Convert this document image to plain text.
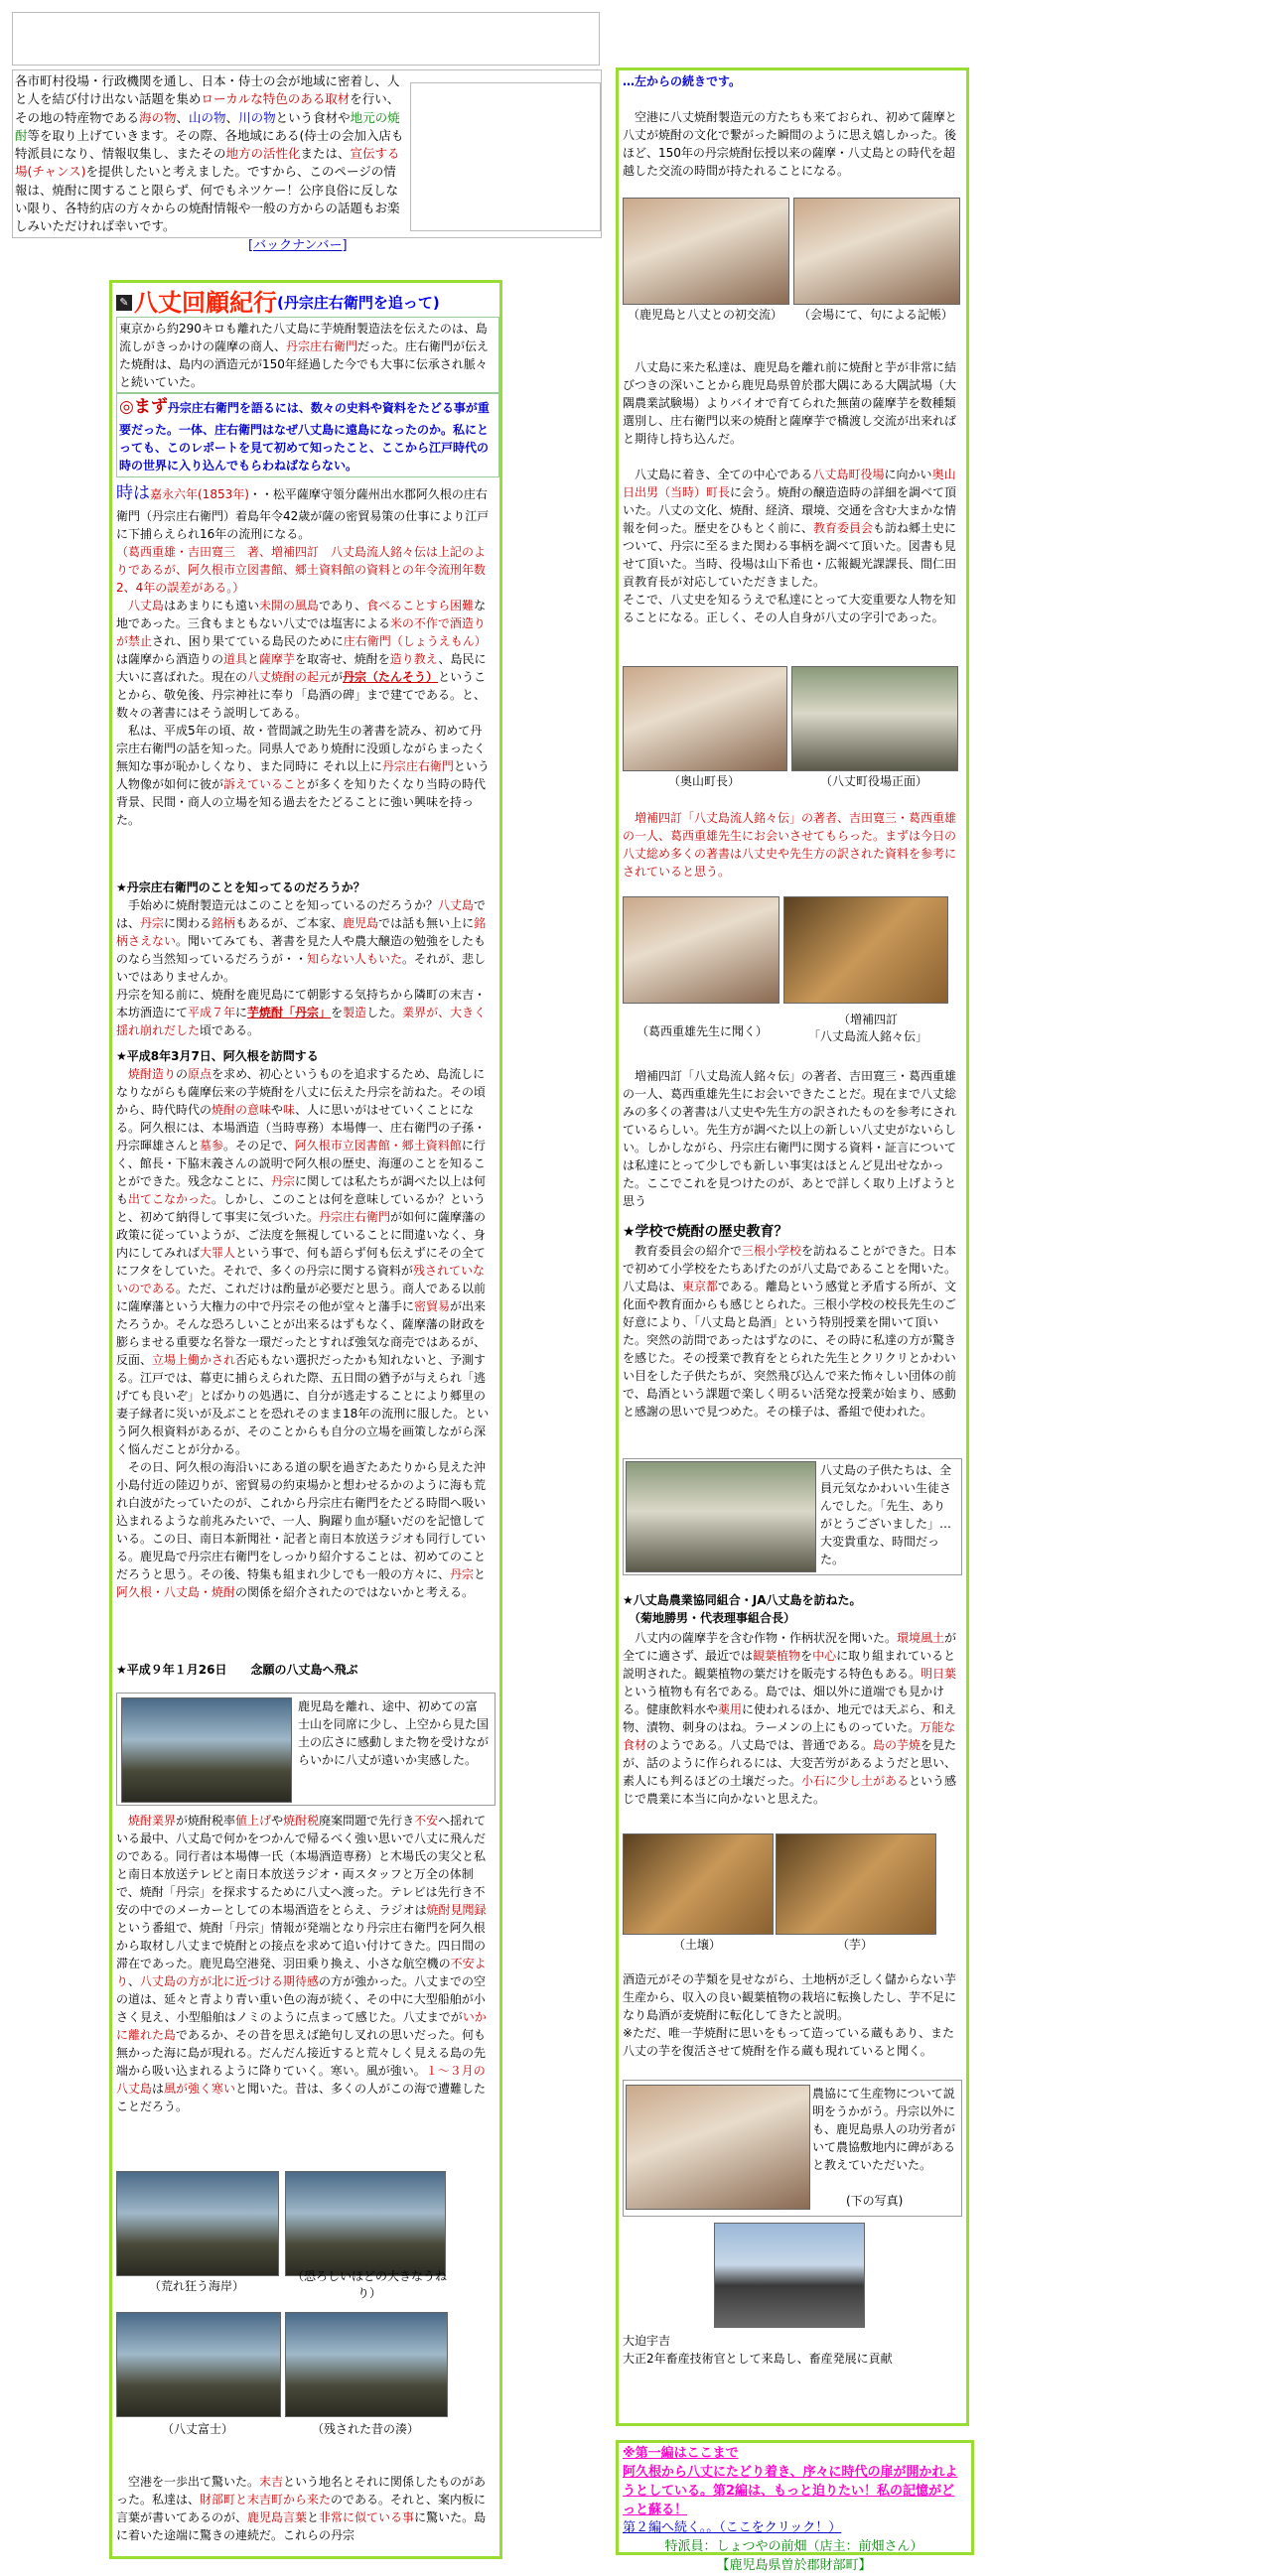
各市町村役場・行政機関を通し、日本・侍士の会が地域に密着し、人と人を結び付け出ない話題を集めローカルな特色のある取材を行い、その地の特産物である海の物、山の物、川の物という食材や地元の焼酎等を取り上げていきます。その際、各地域にある(侍士の会加入店も特派員になり、情報収集し、またその地方の活性化または、宣伝する場(チャンス)を提供したいと考えました。ですから、このページの情報は、焼酎に関すること限らず、何でもネツケー！公序良俗に反しない限り、各特約店の方々からの焼酎情報や一般の方からの話題もお楽しみいただければ幸いです。
[バックナンバー]
✎ 八丈回顧紀行(丹宗庄右衛門を追って)
東京から約290キロも離れた八丈島に芋焼酎製造法を伝えたのは、島流しがきっかけの薩摩の商人、丹宗庄右衛門だった。庄右衛門が伝えた焼酎は、島内の酒造元が150年経過した今でも大事に伝承され脈々と続いていた。
◎まず丹宗庄右衛門を語るには、数々の史料や資料をたどる事が重要だった。一体、庄右衛門はなぜ八丈島に遠島になったのか。私にとっても、このレポートを見て初めて知ったこと、ここから江戸時代の時の世界に入り込んでもらわねばならない。
時は嘉永六年(1853年)・・松平薩摩守領分薩州出水郡阿久根の庄右衛門（丹宗庄右衛門）着島年令42歳が薩の密貿易策の仕事により江戸に下捕らえられ16年の流刑になる。
（葛西重雄・吉田寛三　著、増補四訂　八丈島流人銘々伝は上記のよりであるが、阿久根市立図書館、郷土資料館の資料との年令流刑年数2、4年の誤差がある。）
　八丈島はあまりにも遠い未開の風島であり、食べることすら困難な地であった。三食もまともない八丈では塩害による米の不作で酒造りが禁止され、困り果てている島民のために庄右衛門（しょうえもん）は薩摩から酒造りの道具と薩摩芋を取寄せ、焼酎を造り教え、島民に大いに喜ばれた。現在の八丈焼酎の起元が丹宗（たんそう）ということから、敬免後、丹宗神社に奉り「島酒の碑」まで建てである。と、数々の著書にはそう説明してある。
　私は、平成5年の頃、故・菅間誠之助先生の著書を読み、初めて丹宗庄右衛門の話を知った。同県人であり焼酎に没頭しながらまったく無知な事が恥かしくなり、また同時に それ以上に丹宗庄右衛門という人物像が如何に彼が訴えていることが多くを知りたくなり当時の時代背景、民間・商人の立場を知る過去をたどることに強い興味を持った。
★丹宗庄右衛門のことを知ってるのだろうか？
　手始めに焼酎製造元はこのことを知っているのだろうか？八丈島では、丹宗に関わる銘柄もあるが、ご本家、鹿児島では話も無い上に銘柄さえない。聞いてみても、著書を見た人や農大醸造の勉強をしたものなら当然知っているだろうが・・知らない人もいた。それが、悲しいではありませんか。
丹宗を知る前に、焼酎を鹿児島にて朝影する気持ちから隣町の末吉・本坊酒造にて平成７年に芋焼酎「丹宗」を製造した。業界が、大きく揺れ崩れだした頃である。
★平成8年3月7日、阿久根を訪問する
　焼酎造りの原点を求め、初心というものを追求するため、島流しになりながらも薩摩伝来の芋焼酎を八丈に伝えた丹宗を訪ねた。その頃から、時代時代の焼酎の意味や味、人に思いがはせていくことになる。阿久根には、本場酒造（当時専務）本場傳一、庄右衛門の子孫・丹宗暉雄さんと墓参。その足で、阿久根市立図書館・郷土資料館に行く、館長・下脇末義さんの説明で阿久根の歴史、海運のことを知ることができた。残念なことに、丹宗に関しては私たちが調べた以上は何も出てこなかった。しかし、このことは何を意味しているか？というと、初めて納得して事実に気づいた。丹宗庄右衛門が如何に薩摩藩の政策に従っていようが、ご法度を無視していることに間違いなく、身内にしてみれば大罪人という事で、何も語らず何も伝えずにその全てにフタをしていた。それで、多くの丹宗に関する資料が残されていないのである。ただ、これだけは酌量が必要だと思う。商人である以前に薩摩藩という大権力の中で丹宗その他が堂々と藩手に密貿易が出来たろうか。そんな恐ろしいことが出来るはずもなく、薩摩藩の財政を膨らませる重要な名誉な一環だったとすれば強気な商売ではあるが、反面、立場上働かされ否応もない選択だったかも知れないと、予測する。江戸では、幕吏に捕らえられた際、五日間の猶予が与えられ「逃げても良いぞ」とばかりの処遇に、自分が逃走することにより郷里の妻子縁者に災いが及ぶことを恐れそのまま18年の流刑に服した。という阿久根資料があるが、そのことからも自分の立場を画策しながら深く悩んだことが分かる。
　その日、阿久根の海沿いにある道の駅を過ぎたあたりから見えた沖小島付近の陸辺りが、密貿易の約束場かと想わせるかのように海も荒れ白波がたっていたのが、これから丹宗庄右衛門をたどる時間へ吸い込まれるような前兆みたいで、一人、胸躍り血が騒いだのを記憶している。この日、南日本新聞社・記者と南日本放送ラジオも同行している。鹿児島で丹宗庄右衛門をしっかり紹介することは、初めてのことだろうと思う。その後、特集も組まれ少しでも一般の方々に、丹宗と阿久根・八丈島・焼酎の関係を紹介されたのではないかと考える。
★平成９年１月26日　　念願の八丈島へ飛ぶ
鹿児島を離れ、途中、初めての富士山を同席に少し、上空から見た国土の広さに感動しまた物を受けながらいかに八丈が遠いか実感した。
　焼酎業界が焼酎税率値上げや焼酎税廃案問題で先行き不安へ揺れている最中、八丈島で何かをつかんで帰るべく強い思いで八丈に飛んだのである。同行者は本場傳一氏（本場酒造専務）と木場氏の実父と私と南日本放送テレビと南日本放送ラジオ・両スタッフと万全の体制で、焼酎「丹宗」を探求するために八丈へ渡った。テレビは先行き不安の中でのメーカーとしての本場酒造をとらえ、ラジオは焼酎見聞録という番組で、焼酎「丹宗」情報が発端となり丹宗庄右衛門を阿久根から取材し八丈まで焼酎との接点を求めて追い付けてきた。四日間の滞在であった。鹿児島空港発、羽田乗り換え、小さな航空機の不安より、八丈島の方が北に近づける期待感の方が強かった。八丈までの空の道は、延々と青より青い重い色の海が続く、その中に大型船舶が小さく見え、小型船舶はノミのように点まって感じた。八丈までがいかに離れた島であるか、その昔を思えば絶句し叉れの思いだった。何も無かった海に島が現れる。だんだん接近すると荒々しく見える島の先端から吸い込まれるように降りていく。寒い。風が強い。１～３月の八丈島は風が強く寒いと聞いた。昔は、多くの人がこの海で遭難したことだろう。
（荒れ狂う海岸）
（恐ろしいほどの大きなうねり）
（八丈富士）	（残された昔の湊）
　空港を一歩出て驚いた。末吉という地名とそれに関係したものがあった。私達は、財部町と末吉町から来たのである。それと、案内板に言葉が書いてあるのが、鹿児島言葉と非常に似ている事に驚いた。島に着いた途端に驚きの連続だ。これらの丹宗
…左からの続きです。

　空港に八丈焼酎製造元の方たちも来ておられ、初めて薩摩と八丈が焼酎の文化で繋がった瞬間のように思え嬉しかった。後ほど、150年の丹宗焼酎伝授以来の薩摩・八丈島との時代を超越した交流の時間が持たれることになる。
（鹿児島と八丈との初交流）	（会場にて、句による記帳）
　八丈島に来た私達は、鹿児島を離れ前に焼酎と芋が非常に結びつきの深いことから鹿児島県曽於郡大隅にある大隅試場（大隅農業試験場）よりバイオで育てられた無菌の薩摩芋を数種類選別し、庄右衛門以来の焼酎と薩摩芋で橋渡し交流が出来ればと期待し持ち込んだ。

　八丈島に着き、全ての中心である八丈島町役場に向かい奥山日出男（当時）町長に会う。焼酎の醸造造時の詳細を調べて頂いた。八丈の文化、焼酎、経済、環境、交通を含む大まかな情報を伺った。歴史をひもとく前に、教育委員会も訪ね郷土史について、丹宗に至るまた関わる事柄を調べて頂いた。図書も見せて頂いた。当時、役場は山下希也・広報観光課課長、間仁田貢教育長が対応していただきました。
そこで、八丈史を知るうえで私達にとって大変重要な人物を知ることになる。正しく、その人自身が八丈の字引であった。
（奥山町長）	（八丈町役場正面）
　増補四訂「八丈島流人銘々伝」の著者、吉田寛三・葛西重雄の一人、葛西重雄先生にお会いさせてもらった。まずは今日の八丈総め多くの著書は八丈史や先生方の訳された資料を参考にされていると思う。
（葛西重雄先生に聞く）
（増補四訂
「八丈島流人銘々伝」
　増補四訂「八丈島流人銘々伝」の著者、吉田寛三・葛西重雄の一人、葛西重雄先生にお会いできたことだ。現在まで八丈総みの多くの著書は八丈史や先生方の訳されたものを参考にされているらしい。先生方が調べた以上の新しい八丈史がないらしい。しかしながら、丹宗庄右衛門に関する資料・証言については私達にとって少しでも新しい事実はほとんど見出せなかった。ここでこれを見つけたのが、あとで詳しく取り上げようと思う
★学校で焼酎の歴史教育？
　教育委員会の紹介で三根小学校を訪ねることができた。日本で初めて小学校をたちあげたのが八丈島であることを聞いた。八丈島は、東京都である。離島という感覚と矛盾する所が、文化面や教育面からも感じとられた。三根小学校の校長先生のご好意により、「八丈島と島酒」という特別授業を開いて頂いた。突然の訪問であったはずなのに、その時に私達の方が驚きを感じた。その授業で教育をとられた先生とクリクリとかわいい目をした子供たちが、突然飛び込んで来た怖々しい団体の前で、島酒という課題で楽しく明るい活発な授業が始まり、感動と感謝の思いで見つめた。その様子は、番組で使われた。
八丈島の子供たちは、全員元気なかわいい生徒さんでした。「先生、ありがとうございました」…大変貴重な、時間だった。
★八丈島農業協同組合・JA八丈島を訪ねた。
　（菊地勝男・代表理事組合長）
　八丈内の薩摩芋を含む作物・作柄状況を聞いた。環境風土が全てに適さず、最近では観葉植物を中心に取り組まれていると説明された。観葉植物の葉だけを販売する特色もある。明日葉という植物も有名である。島では、畑以外に道端でも見かける。健康飲料水や薬用に使われるほか、地元では天ぷら、和え物、漬物、刺身のはね。ラーメンの上にものっていた。万能な食材のようである。八丈島では、普通である。島の芋焼を見たが、話のように作られるには、大変苦労があるようだと思い、素人にも判るほどの土壌だった。小石に少し土があるという感じで農業に本当に向かないと思えた。
（土壌）	（芋）
酒造元がその芋類を見せながら、土地柄が乏しく儲からない芋生産から、収入の良い観葉植物の栽培に転換したし、芋不足になり島酒が麦焼酎に転化してきたと説明。
※ただ、唯一芋焼酎に思いをもって造っている蔵もあり、また八丈の芋を復活させて焼酎を作る蔵も現れていると聞く。
農協にて生産物について説明をうかがう。丹宗以外にも、鹿児島県人の功労者がいて農協敷地内に碑があると教えていただいた。
(下の写真)
大迫宇吉
大正2年畜産技術官として来島し、畜産発展に貢献
※第一編はここまで
阿久根から八丈にたどり着き、序々に時代の扉が開かれようとしている。第2編は、もっと迫りたい！私の記憶がどっと蘇る！
第２編へ続く。。（ここをクリック！）
特派員：しょつやの前畑（店主：前畑さん）
【鹿児島県曽於郡財部町】
